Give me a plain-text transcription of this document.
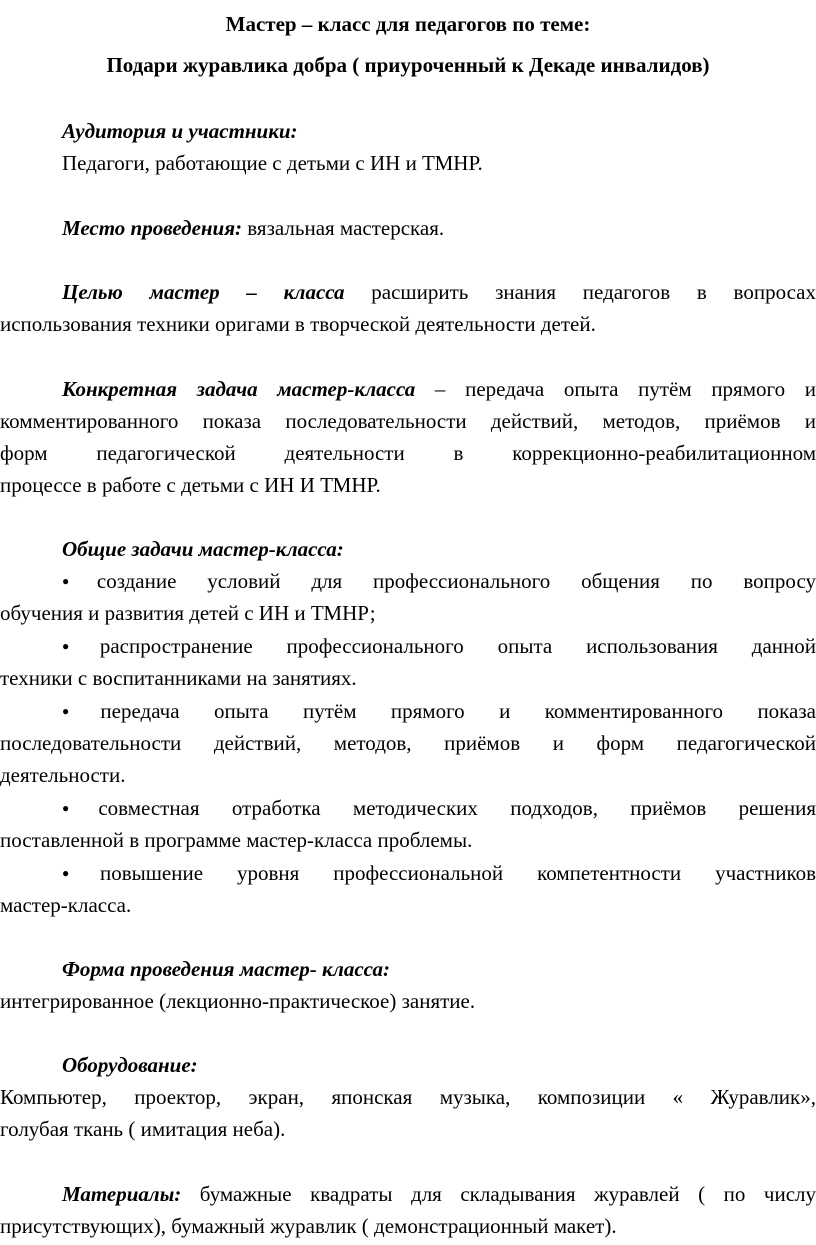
Мастер – класс для педагогов по теме:
Подари журавлика добра ( приуроченный к Декаде инвалидов)
Аудитория и участники:
Педагоги, работающие с детьми с ИН и ТМНР.
Место проведения: вязальная мастерская.
Целью мастер – класса расширить знания педагогов в вопросах
использования техники оригами в творческой деятельности детей.
Конкретная задача мастер-класса – передача опыта путём прямого и
комментированного показа последовательности действий, методов, приёмов и
форм педагогической деятельности в коррекционно-реабилитационном
процессе в работе с детьми с ИН И ТМНР.
Общие задачи мастер-класса:
●создание условий для профессионального общения по вопросу
обучения и развития детей с ИН и ТМНР;
●распространение профессионального опыта использования данной
техники с воспитанниками на занятиях.
●передача опыта путём прямого и комментированного показа
последовательности действий, методов, приёмов и форм педагогической
деятельности.
●совместная отработка методических подходов, приёмов решения
поставленной в программе мастер-класса проблемы.
●повышение уровня профессиональной компетентности участников
мастер-класса.
Форма проведения мастер- класса:
интегрированное (лекционно-практическое) занятие.
Оборудование:
Компьютер, проектор, экран, японская музыка, композиции « Журавлик»,
голубая ткань ( имитация неба).
Материалы: бумажные квадраты для складывания журавлей ( по числу
присутствующих), бумажный журавлик ( демонстрационный макет).
